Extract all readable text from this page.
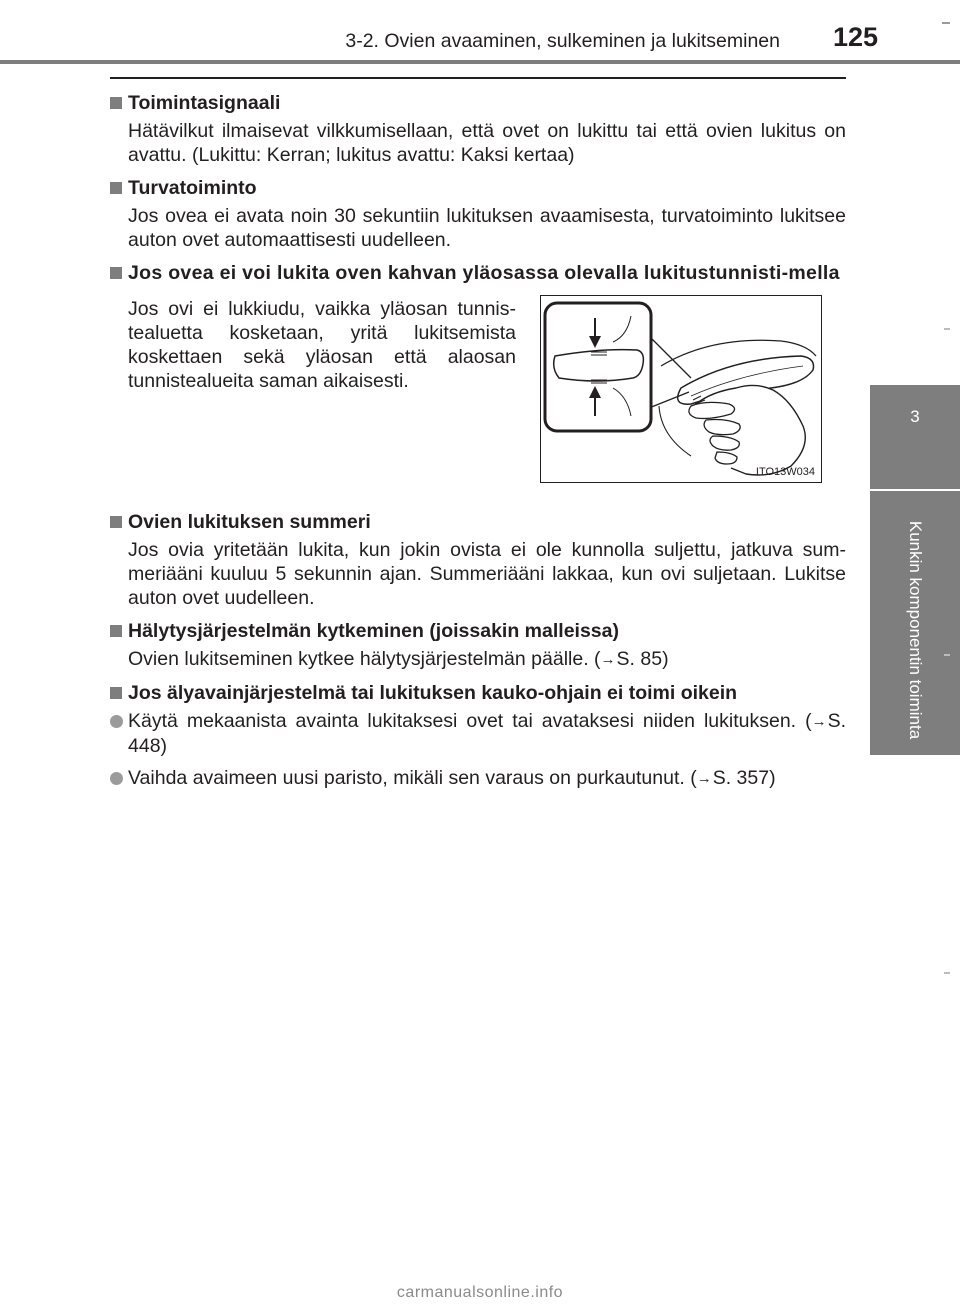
3-2. Ovien avaaminen, sulkeminen ja lukitseminen 125
3
Kunkin komponentin toiminta
Toimintasignaali

Hätävilkut ilmaisevat vilkkumisellaan, että ovet on lukittu tai että ovien lukitus on avattu. (Lukittu: Kerran; lukitus avattu: Kaksi kertaa)

Turvatoiminto

Jos ovea ei avata noin 30 sekuntiin lukituksen avaamisesta, turvatoiminto lukitsee auton ovet automaattisesti uudelleen.

Jos ovea ei voi lukita oven kahvan yläosassa olevalla lukitustunnisti-mella

Jos ovi ei lukkiudu, vaikka yläosan tunnis-tealuetta kosketaan, yritä lukitsemista koskettaen sekä yläosan että alaosan tunnistealueita saman aikaisesti.

ITO13W034
Ovien lukituksen summeri

Jos ovia yritetään lukita, kun jokin ovista ei ole kunnolla suljettu, jatkuva sum-meriääni kuuluu 5 sekunnin ajan. Summeriääni lakkaa, kun ovi suljetaan. Lukitse auton ovet uudelleen.

Hälytysjärjestelmän kytkeminen (joissakin malleissa)

Ovien lukitseminen kytkee hälytysjärjestelmän päälle. (→S. 85)

Jos älyavainjärjestelmä tai lukituksen kauko-ohjain ei toimi oikein
Käytä mekaanista avainta lukitaksesi ovet tai avataksesi niiden lukituksen. (→S. 448)
Vaihda avaimeen uusi paristo, mikäli sen varaus on purkautunut. (→S. 357)
carmanualsonline.info
